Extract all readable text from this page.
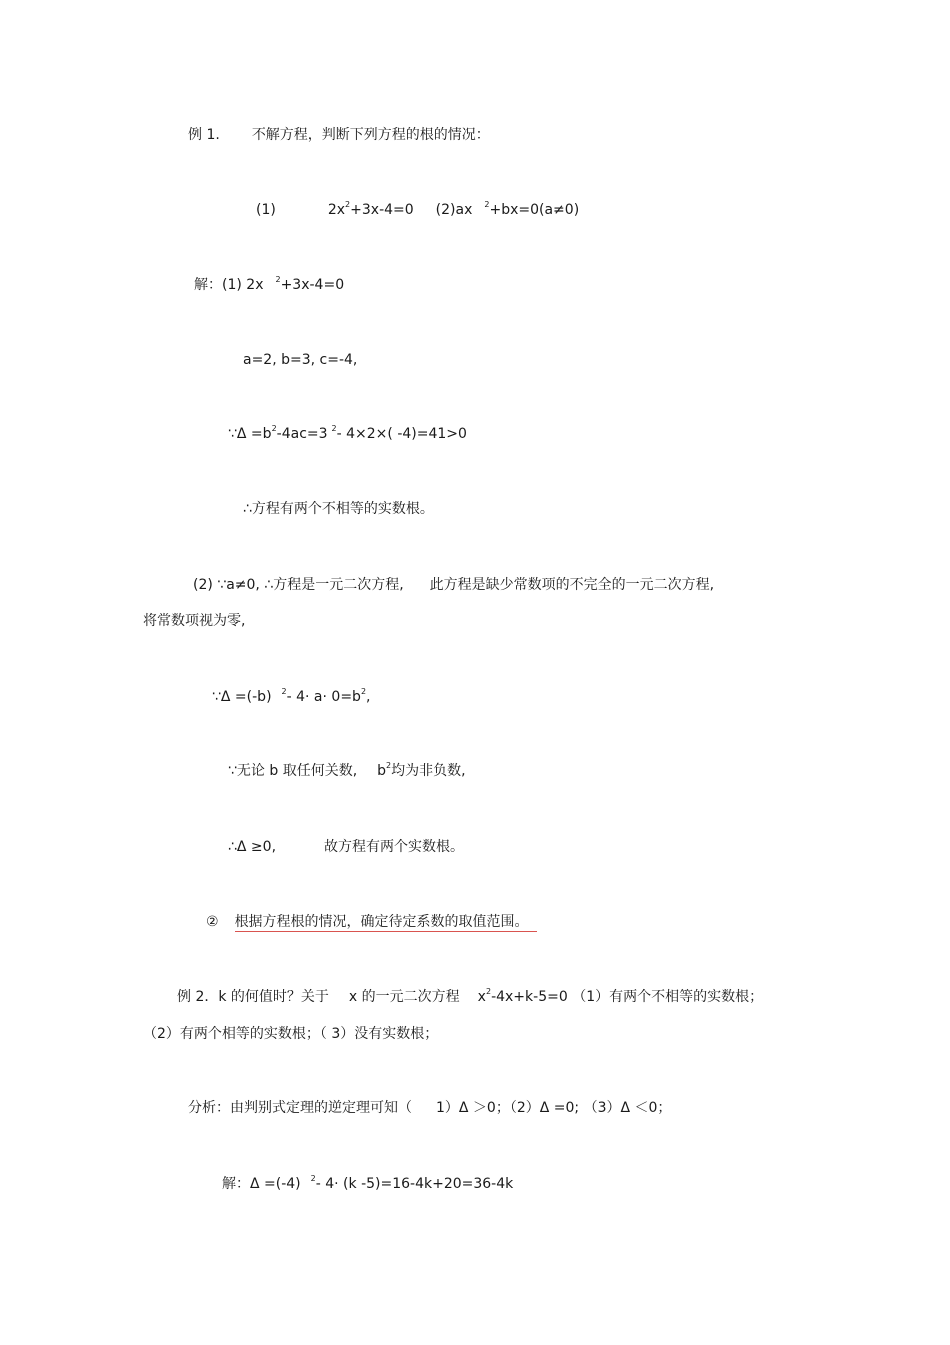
例 1. 不解方程，判断下列方程的根的情况：
(1)	$2x^2+3x-4=0$ (2)ax $^2$+bx=0(a≠0)
解：(1) 2x $^2$+3x-4=0
a=2, b=3, c=-4,
∵Δ $=b^2-4ac=3$ $^2$- 4×2×( -4)=41>0
∴方程有两个不相等的实数根。
(2) ∵a≠0, ∴方程是一元二次方程, 此方程是缺少常数项的不完全的一元二次方程,
将常数项视为零,
∵Δ =(-b) $^2$- $4\cdot a\cdot 0=b^2$,
∵无论 b 取任何关数, $b^2$均为非负数,
∴Δ ≥0,	故方程有两个实数根。
② 根据方程根的情况，确定待定系数的取值范围。
例 2．k 的何值时？关于 x 的一元二次方程 $x^2-4x+k-5=0$ （1）有两个不相等的实数根；
（2）有两个相等的实数根；（ 3）没有实数根；
分析：由判别式定理的逆定理可知（ 1）Δ ＞0；（2）Δ =0; （3）Δ ＜0；
解：Δ =(-4) $^2$- 4· (k -5)=16-4k+20=36-4k
